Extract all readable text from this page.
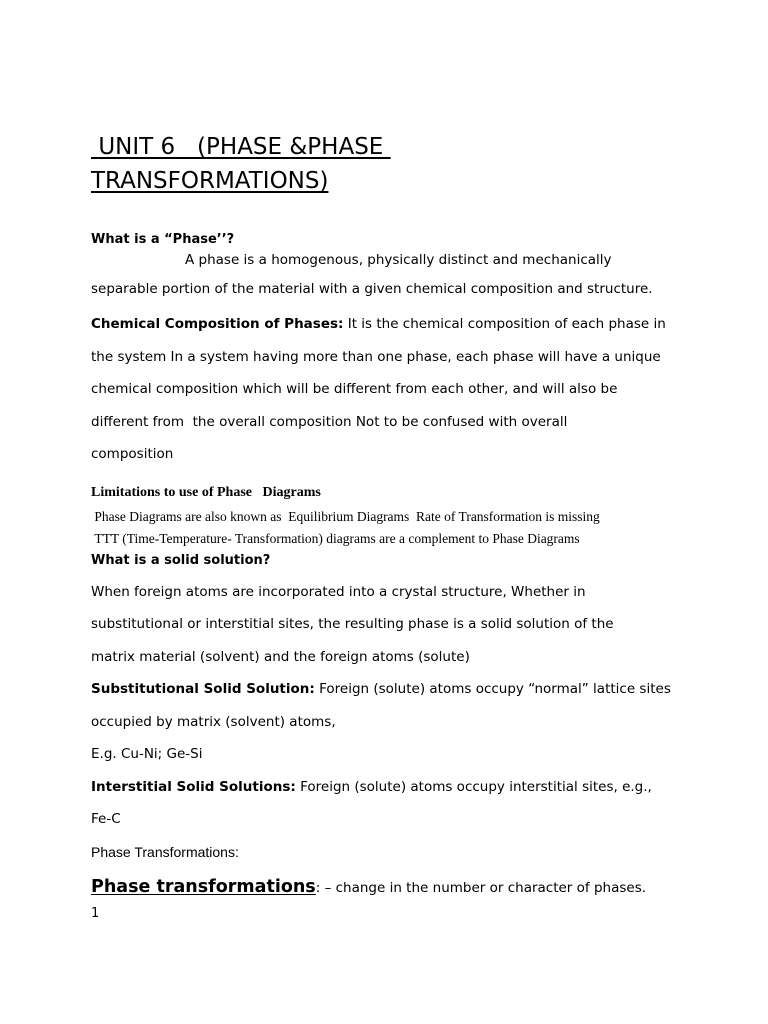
UNIT 6   (PHASE &PHASE
TRANSFORMATIONS)

What is a “Phase’’?

A phase is a homogenous, physically distinct and mechanically

separable portion of the material with a given chemical composition and structure.

Chemical Composition of Phases: It is the chemical composition of each phase in

the system In a system having more than one phase, each phase will have a unique

chemical composition which will be different from each other, and will also be

different from  the overall composition Not to be confused with overall

composition

Limitations to use of Phase   Diagrams

Phase Diagrams are also known as  Equilibrium Diagrams  Rate of Transformation is missing

TTT (Time-Temperature- Transformation) diagrams are a complement to Phase Diagrams

What is a solid solution?

When foreign atoms are incorporated into a crystal structure, Whether in

substitutional or interstitial sites, the resulting phase is a solid solution of the

matrix material (solvent) and the foreign atoms (solute)

Substitutional Solid Solution: Foreign (solute) atoms occupy “normal” lattice sites

occupied by matrix (solvent) atoms,

E.g. Cu-Ni; Ge-Si

Interstitial Solid Solutions: Foreign (solute) atoms occupy interstitial sites, e.g.,

Fe-C

Phase Transformations:

Phase transformations: – change in the number or character of phases.

1
